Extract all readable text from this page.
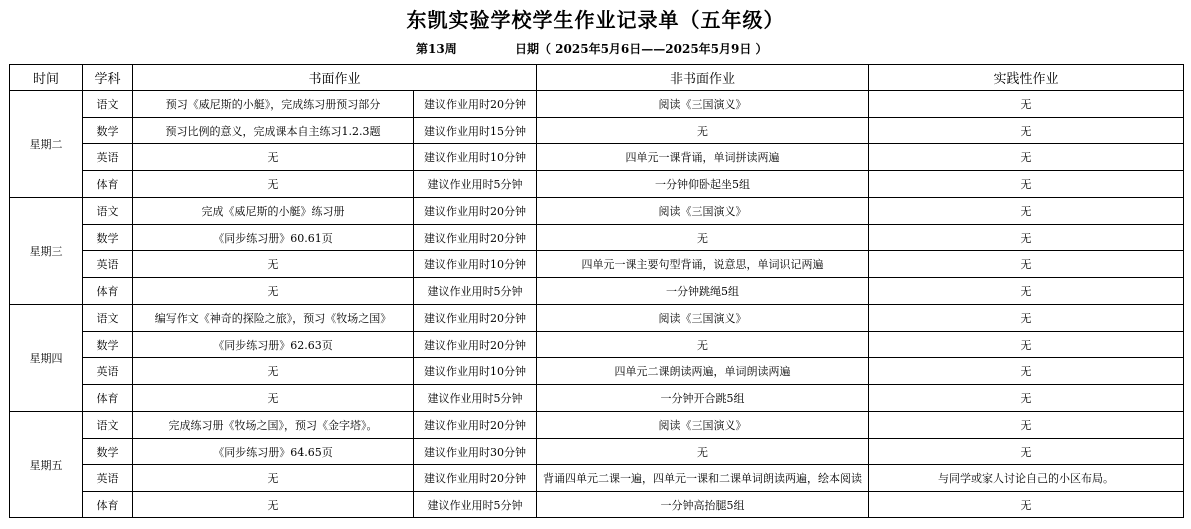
东凯实验学校学生作业记录单（五年级）
第13周	日期（ 2025年5月6日——2025年5月9日 ）
时间	学科	书面作业		非书面作业	实践性作业
星期二	语文	预习《威尼斯的小艇》，完成练习册预习部分	建议作业用时20分钟	阅读《三国演义》	无
	数学	预习比例的意义，完成课本自主练习1.2.3题	建议作业用时15分钟	无	无
	英语	无	建议作业用时10分钟	四单元一课背诵，单词拼读两遍	无
	体育	无	建议作业用时5分钟	一分钟仰卧起坐5组	无
星期三	语文	完成《威尼斯的小艇》练习册	建议作业用时20分钟	阅读《三国演义》	无
	数学	《同步练习册》60.61页	建议作业用时20分钟	无	无
	英语	无	建议作业用时10分钟	四单元一课主要句型背诵，说意思，单词识记两遍	无
	体育	无	建议作业用时5分钟	一分钟跳绳5组	无
星期四	语文	编写作文《神奇的探险之旅》，预习《牧场之国》	建议作业用时20分钟	阅读《三国演义》	无
	数学	《同步练习册》62.63页	建议作业用时20分钟	无	无
	英语	无	建议作业用时10分钟	四单元二课朗读两遍，单词朗读两遍	无
	体育	无	建议作业用时5分钟	一分钟开合跳5组	无
星期五	语文	完成练习册《牧场之国》，预习《金字塔》。	建议作业用时20分钟	阅读《三国演义》	无
	数学	《同步练习册》64.65页	建议作业用时30分钟	无	无
	英语	无	建议作业用时20分钟	背诵四单元二课一遍，四单元一课和二课单词朗读两遍，绘本阅读	与同学或家人讨论自己的小区布局。
	体育	无	建议作业用时5分钟	一分钟高抬腿5组	无
